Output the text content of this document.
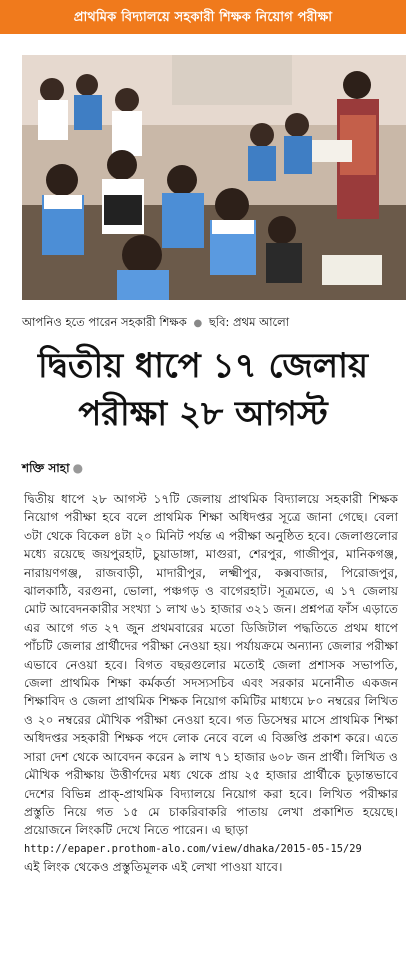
প্রাথমিক বিদ্যালয়ে সহকারী শিক্ষক নিয়োগ পরীক্ষা
আপনিও হতে পারেন সহকারী শিক্ষক ● ছবি: প্রথম আলো
দ্বিতীয় ধাপে ১৭ জেলায়
পরীক্ষা ২৮ আগস্ট
শক্তি সাহা ●
দ্বিতীয় ধাপে ২৮ আগস্ট ১৭টি জেলায় প্রাথমিক বিদ্যালয়ে সহকারী শিক্ষক নিয়োগ পরীক্ষা হবে বলে প্রাথমিক শিক্ষা অধিদপ্তর সূত্রে জানা গেছে। বেলা ৩টা থেকে বিকেল ৪টা ২০ মিনিট পর্যন্ত এ পরীক্ষা অনুষ্ঠিত হবে। জেলাগুলোর মধ্যে রয়েছে জয়পুরহাট, চুয়াডাঙ্গা, মাগুরা, শেরপুর, গাজীপুর, মানিকগঞ্জ, নারায়ণগঞ্জ, রাজবাড়ী, মাদারীপুর, লক্ষ্মীপুর, কক্সবাজার, পিরোজপুর, ঝালকাঠি, বরগুনা, ভোলা, পঞ্চগড় ও বাগেরহাট। সূত্রমতে, এ ১৭ জেলায় মোট আবেদনকারীর সংখ্যা ১ লাখ ৬১ হাজার ৩২১ জন। প্রশ্নপত্র ফাঁস এড়াতে এর আগে গত ২৭ জুন প্রথমবারের মতো ডিজিটাল পদ্ধতিতে প্রথম ধাপে পাঁচটি জেলার প্রার্থীদের পরীক্ষা নেওয়া হয়। পর্যায়ক্রমে অন্যান্য জেলার পরীক্ষা এভাবে নেওয়া হবে। বিগত বছরগুলোর মতোই জেলা প্রশাসক সভাপতি, জেলা প্রাথমিক শিক্ষা কর্মকর্তা সদস্যসচিব এবং সরকার মনোনীত একজন শিক্ষাবিদ ও জেলা প্রাথমিক শিক্ষক নিয়োগ কমিটির মাধ্যমে ৮০ নম্বরের লিখিত ও ২০ নম্বরের মৌখিক পরীক্ষা নেওয়া হবে। গত ডিসেম্বর মাসে প্রাথমিক শিক্ষা অধিদপ্তর সহকারী শিক্ষক পদে লোক নেবে বলে এ বিজ্ঞপ্তি প্রকাশ করে। এতে সারা দেশ থেকে আবেদন করেন ৯ লাখ ৭১ হাজার ৬০৮ জন প্রার্থী। লিখিত ও মৌখিক পরীক্ষায় উত্তীর্ণদের মধ্য থেকে প্রায় ২৫ হাজার প্রার্থীকে চূড়ান্তভাবে দেশের বিভিন্ন প্রাক্-প্রাথমিক বিদ্যালয়ে নিয়োগ করা হবে। লিখিত পরীক্ষার প্রস্তুতি নিয়ে গত ১৫ মে চাকরিবাকরি পাতায় লেখা প্রকাশিত হয়েছে। প্রয়োজনে লিংকটি দেখে নিতে পারেন। এ ছাড়া
http://epaper.prothom-alo.com/view/dhaka/2015-05-15/29
এই লিংক থেকেও প্রস্তুতিমূলক এই লেখা পাওয়া যাবে।
